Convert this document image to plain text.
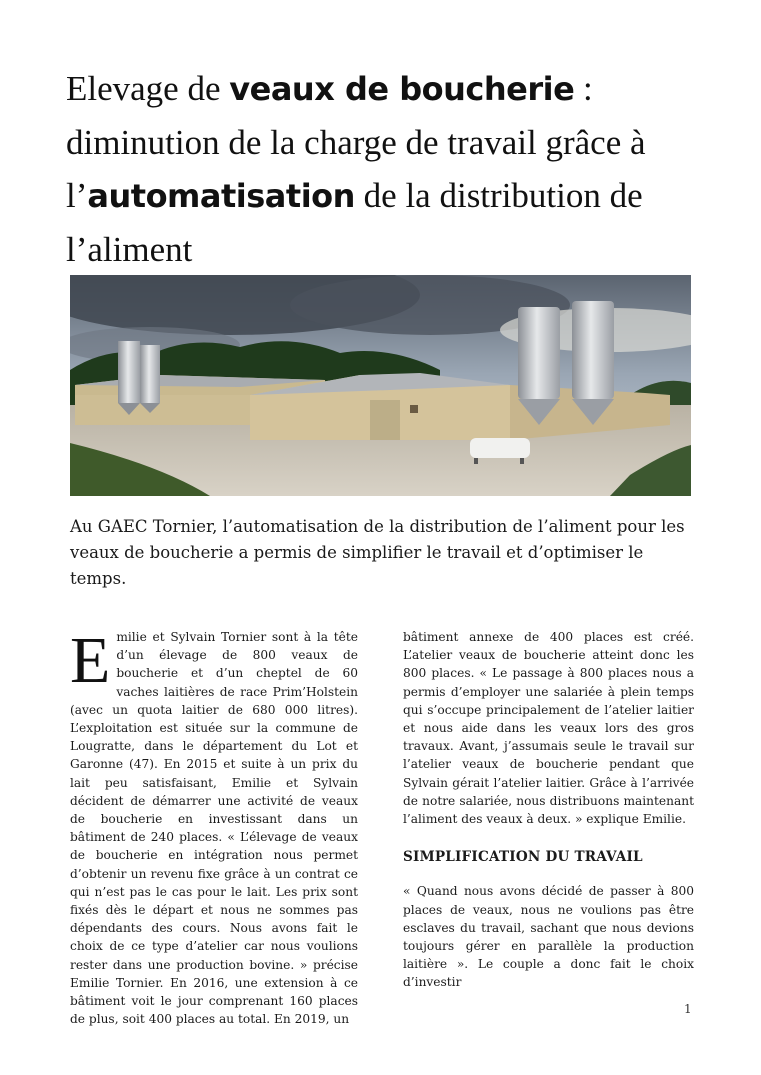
Elevage de veaux de boucherie : diminution de la charge de travail grâce à l’automatisation de la distribution de l’aliment

Au GAEC Tornier, l’automatisation de la distribution de l’aliment pour les veaux de boucherie a permis de simplifier le travail et d’optimiser le temps.

E milie et Sylvain Tornier sont à la tête d’un élevage de 800 veaux de boucherie et d’un cheptel de 60 vaches laitières de race Prim’Holstein (avec un quota laitier de 680 000 litres). L’exploitation est située sur la commune de Lougratte, dans le département du Lot et Garonne (47). En 2015 et suite à un prix du lait peu satisfaisant, Emilie et Sylvain décident de démarrer une activité de veaux de boucherie en investissant dans un bâtiment de 240 places. « L’élevage de veaux de boucherie en intégration nous permet d’obtenir un revenu fixe grâce à un contrat ce qui n’est pas le cas pour le lait. Les prix sont fixés dès le départ et nous ne sommes pas dépendants des cours. Nous avons fait le choix de ce type d’atelier car nous voulions rester dans une production bovine. » précise Emilie Tornier. En 2016, une extension à ce bâtiment voit le jour comprenant 160 places de plus, soit 400 places au total. En 2019, un

bâtiment annexe de 400 places est créé. L’atelier veaux de boucherie atteint donc les 800 places. « Le passage à 800 places nous a permis d’employer une salariée à plein temps qui s’occupe principalement de l’atelier laitier et nous aide dans les veaux lors des gros travaux. Avant, j’assumais seule le travail sur l’atelier veaux de boucherie pendant que Sylvain gérait l’atelier laitier. Grâce à l’arrivée de notre salariée, nous distribuons maintenant l’aliment des veaux à deux. » explique Emilie.

SIMPLIFICATION DU TRAVAIL

« Quand nous avons décidé de passer à 800 places de veaux, nous ne voulions pas être esclaves du travail, sachant que nous devions toujours gérer en parallèle la production laitière ». Le couple a donc fait le choix d’investir

1
